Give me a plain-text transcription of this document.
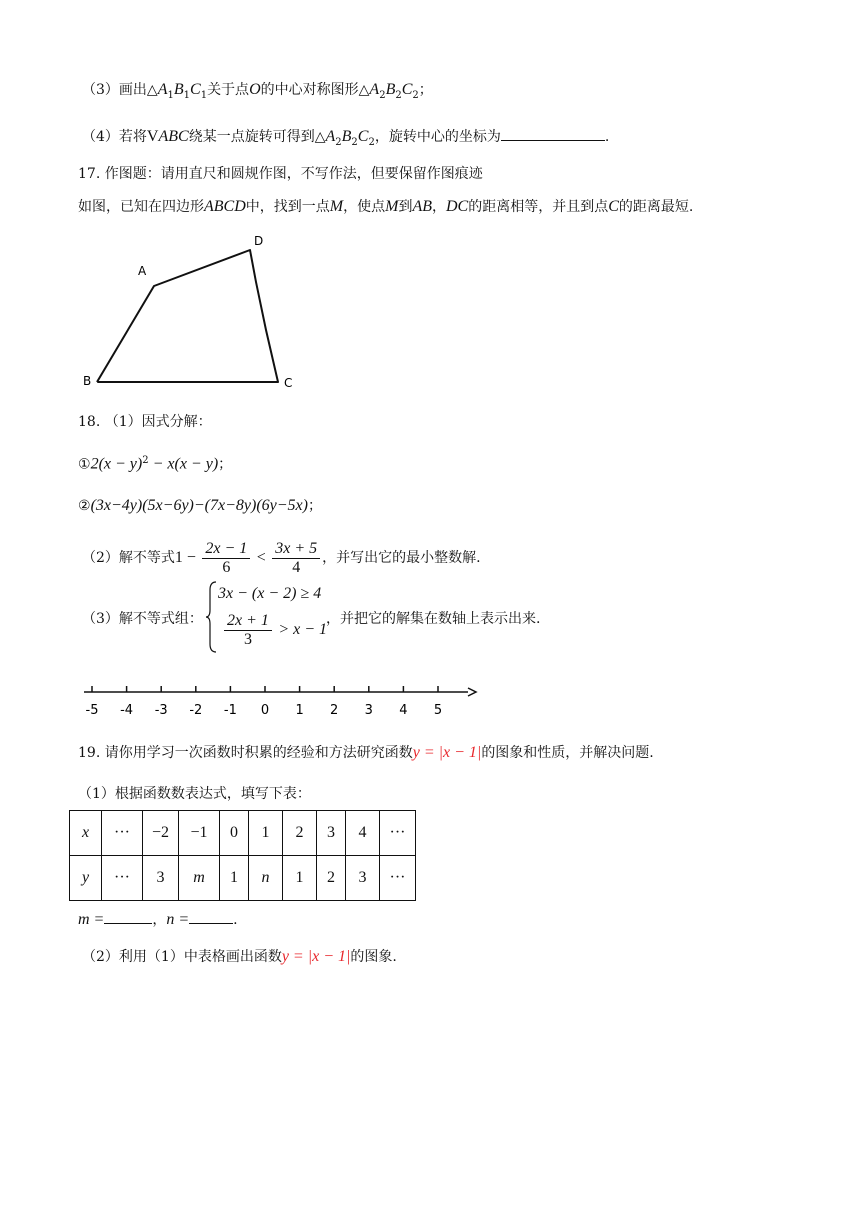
（3）画出$\triangle A_1B_1C_1$关于点O的中心对称图形$\triangle A_2B_2C_2$；
（4）若将VABC绕某一点旋转可得到$\triangle A_2B_2C_2$，旋转中心的坐标为	.
17. 作图题：请用直尺和圆规作图，不写作法，但要保留作图痕迹
如图，已知在四边形ABCD中，找到一点M，使点M到AB，DC的距离相等，并且到点C的距离最短.
A
B	C
D
18. （1）因式分解：
①2(x − y)$^2$ − x(x − y)；
②(3x−4y)(5x−6y)−(7x−8y)(6y−5x)；
（2）解不等式$1 - \frac{2x - 1}{6} < \frac{3x + 5}{4}$ ，并写出它的最小整数解.
（3）解不等式组：
3x − (x − 2) ≥ 4
$\frac{2x + 1}{3} > x - 1$
，并把它的解集在数轴上表示出来.
-5 -4 -3 -2 -1 0 1 2 3 4 5
19. 请你用学习一次函数时积累的经验和方法研究函数y = |x − 1|的图象和性质，并解决问题.
（1）根据函数数表达式，填写下表：
x	···	−2	−1	0	1	2	3	4	···
y	···	3	m	1	n	1	2	3	···
m =	，n =	.
（2）利用（1）中表格画出函数y = |x − 1|的图象.
